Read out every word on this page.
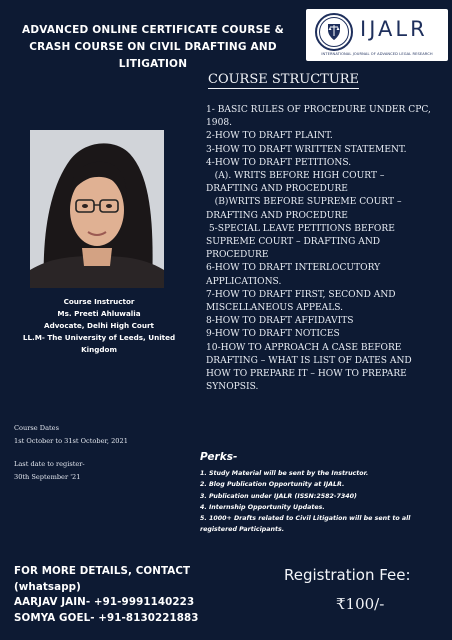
ADVANCED ONLINE CERTIFICATE COURSE &
CRASH COURSE ON CIVIL DRAFTING AND
LITIGATION
IJALR
INTERNATIONAL JOURNAL OF ADVANCED LEGAL RESEARCH
COURSE STRUCTURE
1- BASIC RULES OF PROCEDURE UNDER CPC,
1908.
2-HOW TO DRAFT PLAINT.
3-HOW TO DRAFT WRITTEN STATEMENT.
4-HOW TO DRAFT PETITIONS.
(A). WRITS BEFORE HIGH COURT –
DRAFTING AND PROCEDURE
(B)WRITS BEFORE SUPREME COURT –
DRAFTING AND PROCEDURE
5-SPECIAL LEAVE PETITIONS BEFORE
SUPREME COURT – DRAFTING AND
PROCEDURE
6-HOW TO DRAFT INTERLOCUTORY
APPLICATIONS.
7-HOW TO DRAFT FIRST, SECOND AND
MISCELLANEOUS APPEALS.
8-HOW TO DRAFT AFFIDAVITS
9-HOW TO DRAFT NOTICES
10-HOW TO APPROACH A CASE BEFORE
DRAFTING – WHAT IS LIST OF DATES AND
HOW TO PREPARE IT – HOW TO PREPARE
SYNOPSIS.
Course Instructor
Ms. Preeti Ahluwalia
Advocate, Delhi High Court
LL.M- The University of Leeds, United
Kingdom
Course Dates
1st October to 31st October, 2021
Last date to register-
30th September '21
Perks-
1. Study Material will be sent by the Instructor.
2. Blog Publication Opportunity at IJALR.
3. Publication under IJALR (ISSN:2582-7340)
4. Internship Opportunity Updates.
5. 1000+ Drafts related to Civil Litigation will be sent to all
registered Participants.
FOR MORE DETAILS, CONTACT
(whatsapp)
AARJAV JAIN- +91-9991140223
SOMYA GOEL- +91-8130221883
Registration Fee:
₹100/-
